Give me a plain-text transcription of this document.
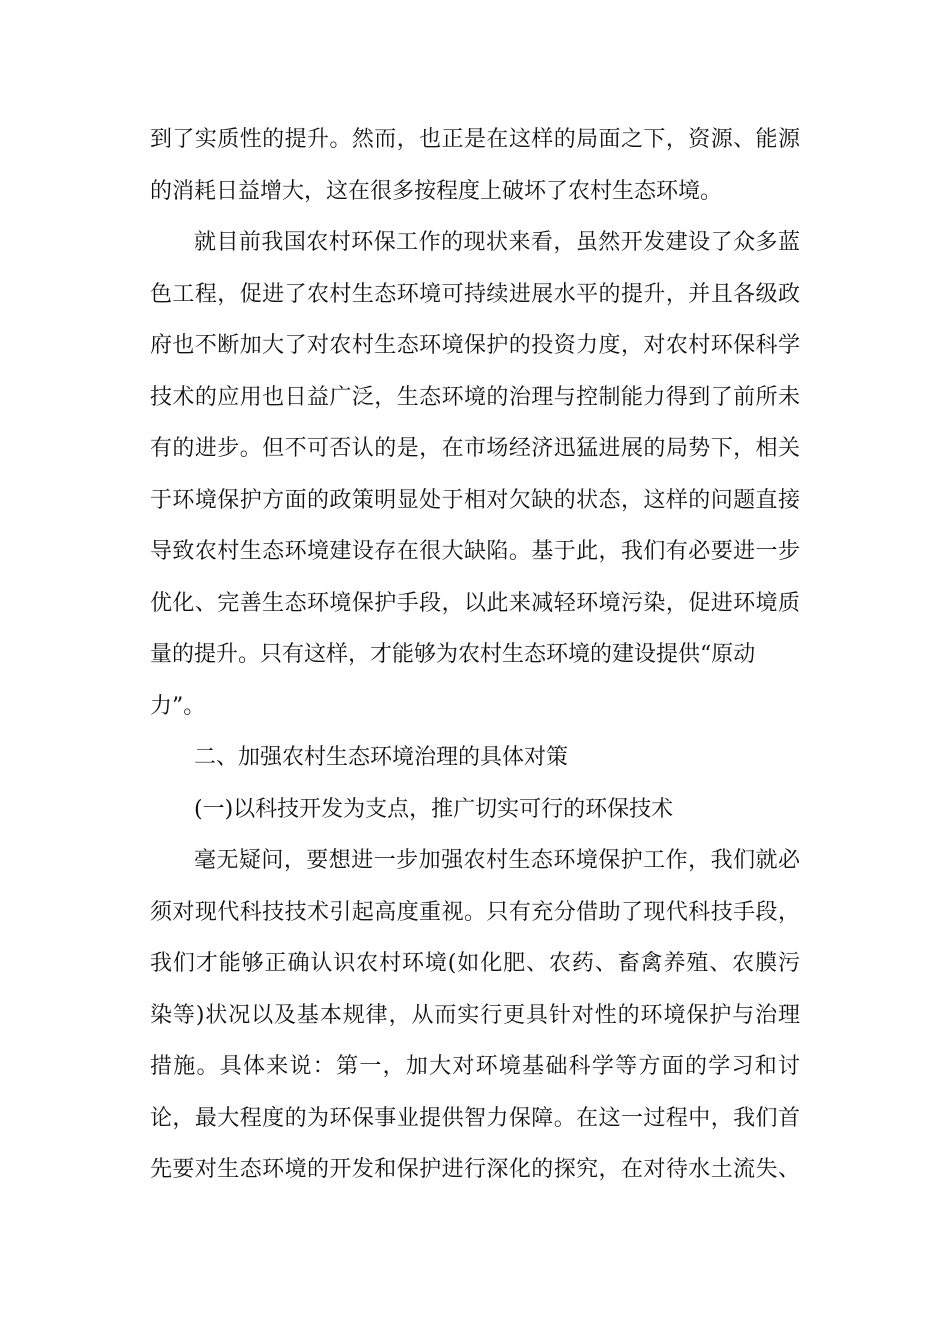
到了实质性的提升。然而，也正是在这样的局面之下，资源、能源
的消耗日益增大，这在很多按程度上破坏了农村生态环境。
就目前我国农村环保工作的现状来看，虽然开发建设了众多蓝
色工程，促进了农村生态环境可持续进展水平的提升，并且各级政
府也不断加大了对农村生态环境保护的投资力度，对农村环保科学
技术的应用也日益广泛，生态环境的治理与控制能力得到了前所未
有的进步。但不可否认的是，在市场经济迅猛进展的局势下，相关
于环境保护方面的政策明显处于相对欠缺的状态，这样的问题直接
导致农村生态环境建设存在很大缺陷。基于此，我们有必要进一步
优化、完善生态环境保护手段，以此来减轻环境污染，促进环境质
量的提升。只有这样，才能够为农村生态环境的建设提供“原动
力”。
二、加强农村生态环境治理的具体对策
(一)以科技开发为支点，推广切实可行的环保技术
毫无疑问，要想进一步加强农村生态环境保护工作，我们就必
须对现代科技技术引起高度重视。只有充分借助了现代科技手段，
我们才能够正确认识农村环境(如化肥、农药、畜禽养殖、农膜污
染等)状况以及基本规律，从而实行更具针对性的环境保护与治理
措施。具体来说：第一，加大对环境基础科学等方面的学习和讨
论，最大程度的为环保事业提供智力保障。在这一过程中，我们首
先要对生态环境的开发和保护进行深化的探究，在对待水土流失、
